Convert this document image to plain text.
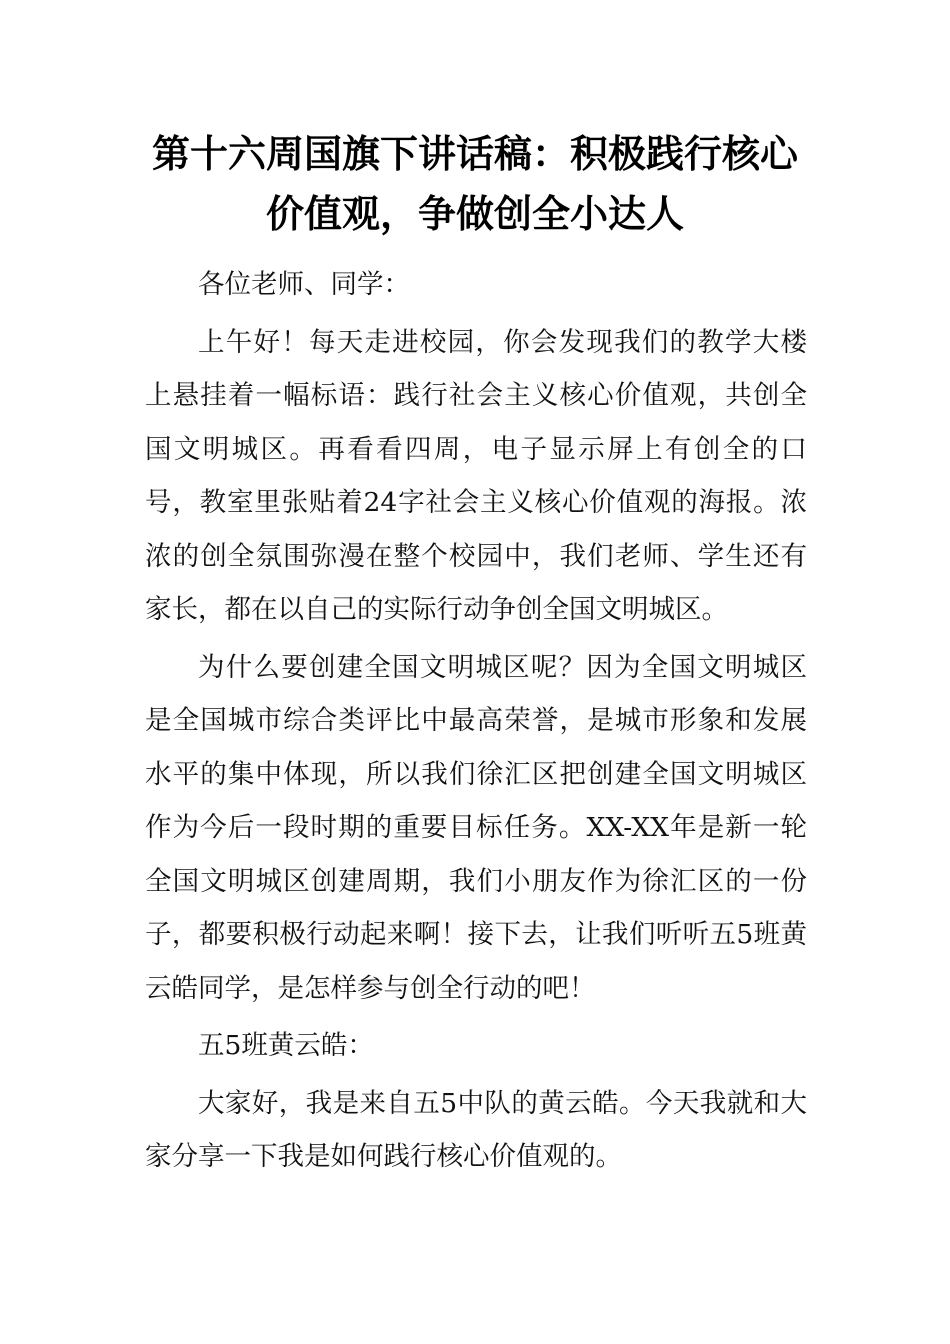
第十六周国旗下讲话稿：积极践行核心
价值观，争做创全小达人

各位老师、同学：

上午好！每天走进校园，你会发现我们的教学大楼上悬挂着一幅标语：践行社会主义核心价值观，共创全国文明城区。再看看四周，电子显示屏上有创全的口号，教室里张贴着24字社会主义核心价值观的海报。浓浓的创全氛围弥漫在整个校园中，我们老师、学生还有家长，都在以自己的实际行动争创全国文明城区。

为什么要创建全国文明城区呢？因为全国文明城区是全国城市综合类评比中最高荣誉，是城市形象和发展水平的集中体现，所以我们徐汇区把创建全国文明城区作为今后一段时期的重要目标任务。XX-XX年是新一轮全国文明城区创建周期，我们小朋友作为徐汇区的一份子，都要积极行动起来啊！接下去，让我们听听五5班黄云皓同学，是怎样参与创全行动的吧！

五5班黄云皓：

大家好，我是来自五5中队的黄云皓。今天我就和大家分享一下我是如何践行核心价值观的。
